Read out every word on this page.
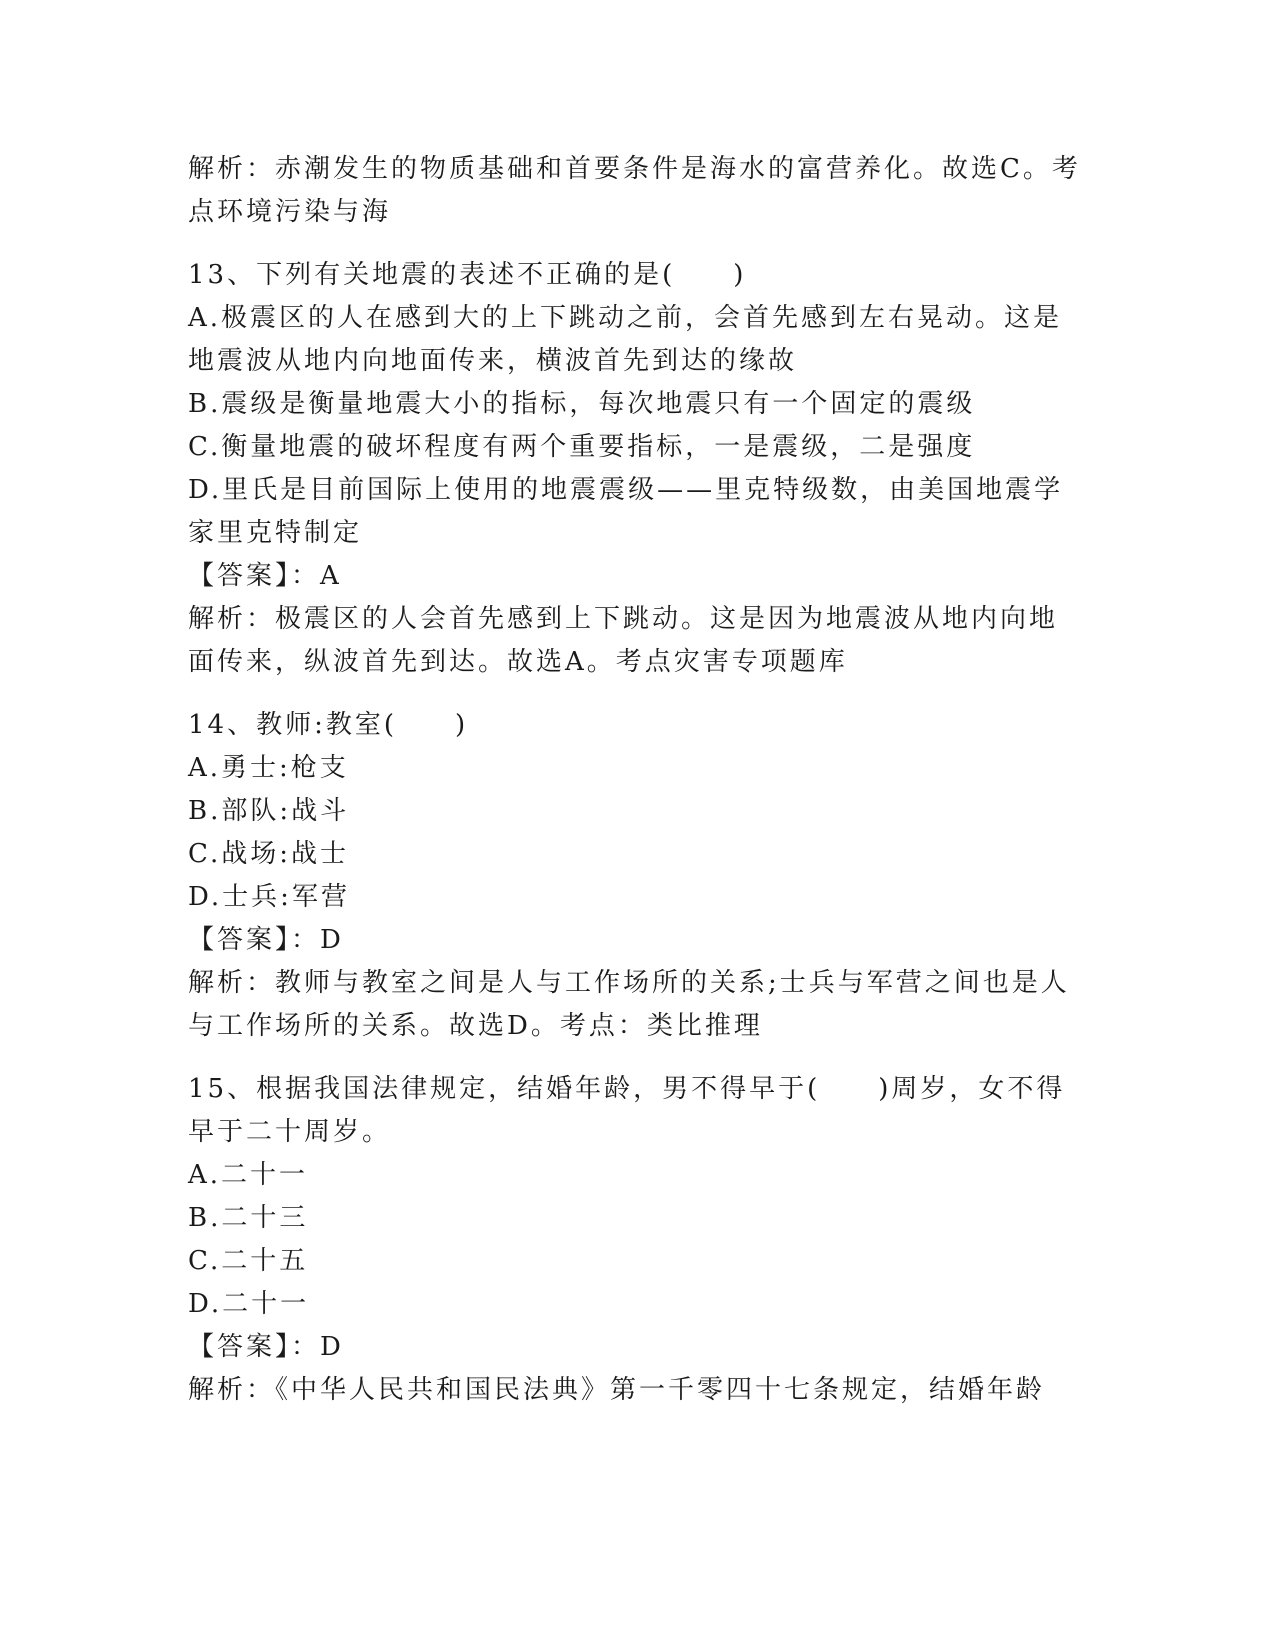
解析：赤潮发生的物质基础和首要条件是海水的富营养化。故选C。考
点环境污染与海
13、下列有关地震的表述不正确的是(　　)
A.极震区的人在感到大的上下跳动之前，会首先感到左右晃动。这是
地震波从地内向地面传来，横波首先到达的缘故
B.震级是衡量地震大小的指标，每次地震只有一个固定的震级
C.衡量地震的破坏程度有两个重要指标，一是震级，二是强度
D.里氏是目前国际上使用的地震震级——里克特级数，由美国地震学
家里克特制定
【答案】：A
解析：极震区的人会首先感到上下跳动。这是因为地震波从地内向地
面传来，纵波首先到达。故选A。考点灾害专项题库
14、教师:教室(　　)
A.勇士:枪支
B.部队:战斗
C.战场:战士
D.士兵:军营
【答案】：D
解析：教师与教室之间是人与工作场所的关系;士兵与军营之间也是人
与工作场所的关系。故选D。考点：类比推理
15、根据我国法律规定，结婚年龄，男不得早于(　　)周岁，女不得
早于二十周岁。
A.二十一
B.二十三
C.二十五
D.二十一
【答案】：D
解析：《中华人民共和国民法典》第一千零四十七条规定，结婚年龄
